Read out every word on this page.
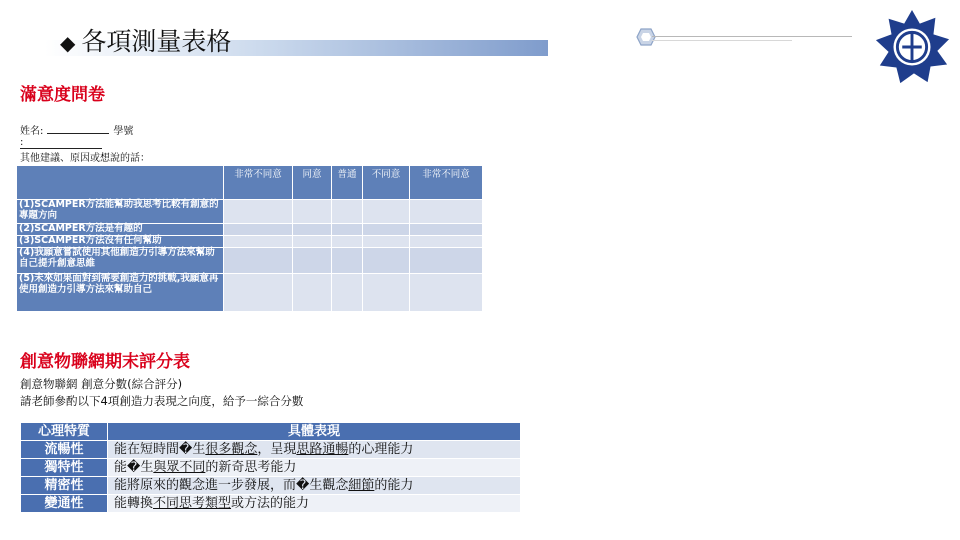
◆ 各項測量表格
滿意度問卷
姓名:	學號
:
其他建議、原因或想說的話：
	非常不同意	同意	普通	不同意	非常不同意
(1)SCAMPER方法能幫助我思考比較有創意的專題方向					
(2)SCAMPER方法是有趣的					
(3)SCAMPER方法沒有任何幫助					
(4)我願意嘗試使用其他創造力引導方法來幫助自己提升創意思維					
(5)未來如果面對到需要創造力的挑戰,我願意再使用創造力引導方法來幫助自己					
創意物聯網期末評分表
創意物聯網 創意分數(綜合評分)
請老師參酌以下4項創造力表現之向度，給予一綜合分數
心理特質	具體表現
流暢性	能在短時間�生很多觀念，呈現思路通暢的心理能力
獨特性	能�生與眾不同的新奇思考能力
精密性	能將原來的觀念進一步發展，而�生觀念細節的能力
變通性	能轉換不同思考類型或方法的能力
